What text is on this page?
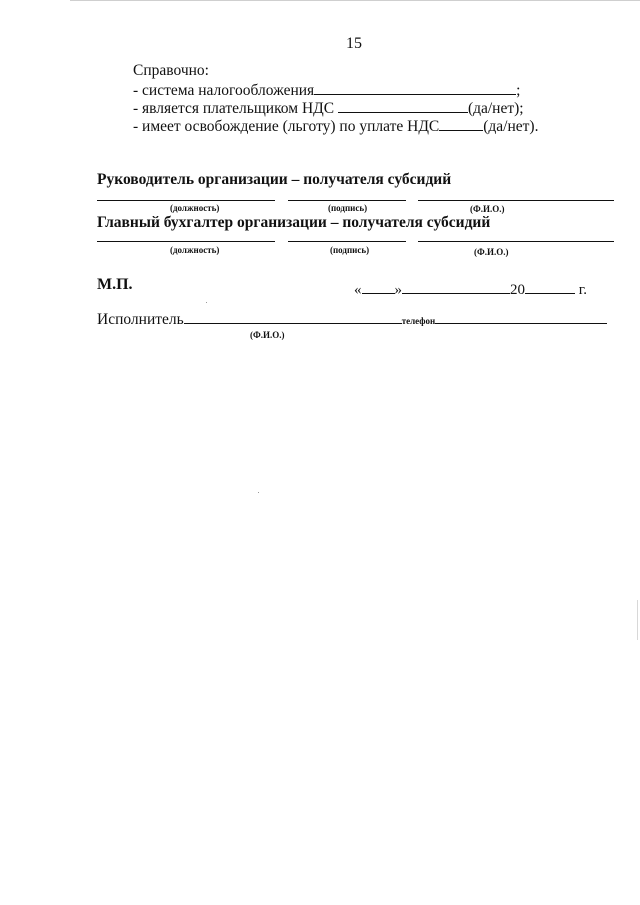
15
Справочно:
- система налогообложения	;
- является плательщиком НДС	(да/нет);
- имеет освобождение (льготу) по уплате НДС	(да/нет).
Руководитель организации – получателя субсидий
(должность)	(подпись)	(Ф.И.О.)
Главный бухгалтер организации – получателя субсидий
(должность)	(подпись)	(Ф.И.О.)
М.П.	« »	20	г.
Исполнитель	телефон
(Ф.И.О.)
